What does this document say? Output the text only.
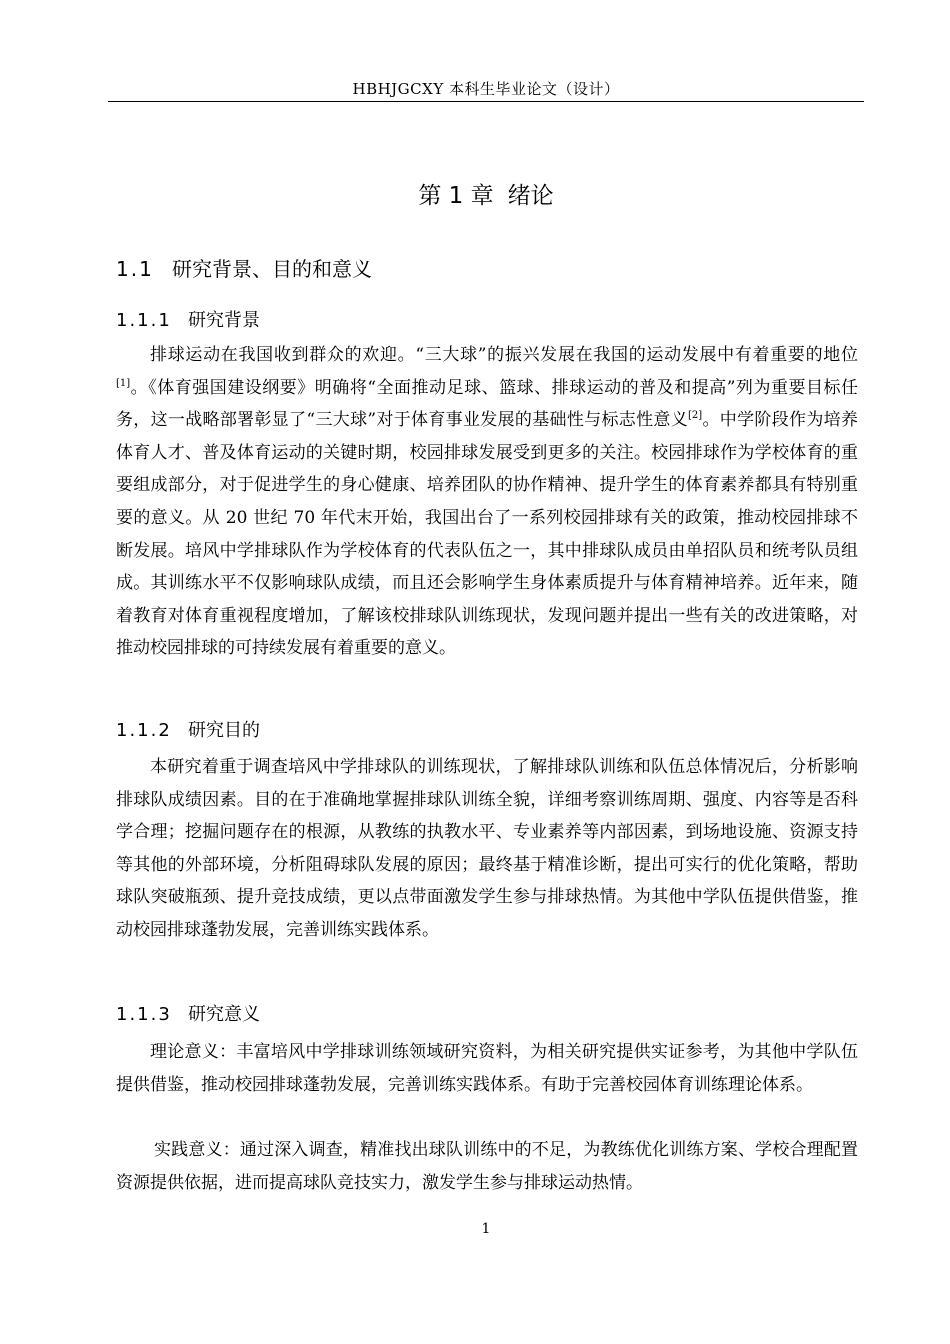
HBHJGCXY 本科生毕业论文（设计）
第 1 章 绪论
1.1 研究背景、目的和意义
1.1.1 研究背景

排球运动在我国收到群众的欢迎。“三大球”的振兴发展在我国的运动发展中有着重要的地位[1]。《体育强国建设纲要》明确将“全面推动足球、篮球、排球运动的普及和提高”列为重要目标任务，这一战略部署彰显了“三大球”对于体育事业发展的基础性与标志性意义[2]。中学阶段作为培养体育人才、普及体育运动的关键时期，校园排球发展受到更多的关注。校园排球作为学校体育的重要组成部分，对于促进学生的身心健康、培养团队的协作精神、提升学生的体育素养都具有特别重要的意义。从 20 世纪 70 年代末开始，我国出台了一系列校园排球有关的政策，推动校园排球不断发展。培风中学排球队作为学校体育的代表队伍之一，其中排球队成员由单招队员和统考队员组成。其训练水平不仅影响球队成绩，而且还会影响学生身体素质提升与体育精神培养。近年来，随着教育对体育重视程度增加，了解该校排球队训练现状，发现问题并提出一些有关的改进策略，对推动校园排球的可持续发展有着重要的意义。

1.1.2 研究目的

本研究着重于调查培风中学排球队的训练现状，了解排球队训练和队伍总体情况后，分析影响排球队成绩因素。目的在于准确地掌握排球队训练全貌，详细考察训练周期、强度、内容等是否科学合理；挖掘问题存在的根源，从教练的执教水平、专业素养等内部因素，到场地设施、资源支持等其他的外部环境，分析阻碍球队发展的原因；最终基于精准诊断，提出可实行的优化策略，帮助球队突破瓶颈、提升竞技成绩，更以点带面激发学生参与排球热情。为其他中学队伍提供借鉴，推动校园排球蓬勃发展，完善训练实践体系。

1.1.3 研究意义

理论意义：丰富培风中学排球训练领域研究资料，为相关研究提供实证参考，为其他中学队伍提供借鉴，推动校园排球蓬勃发展，完善训练实践体系。有助于完善校园体育训练理论体系。

实践意义：通过深入调查，精准找出球队训练中的不足，为教练优化训练方案、学校合理配置资源提供依据，进而提高球队竞技实力，激发学生参与排球运动热情。

1
